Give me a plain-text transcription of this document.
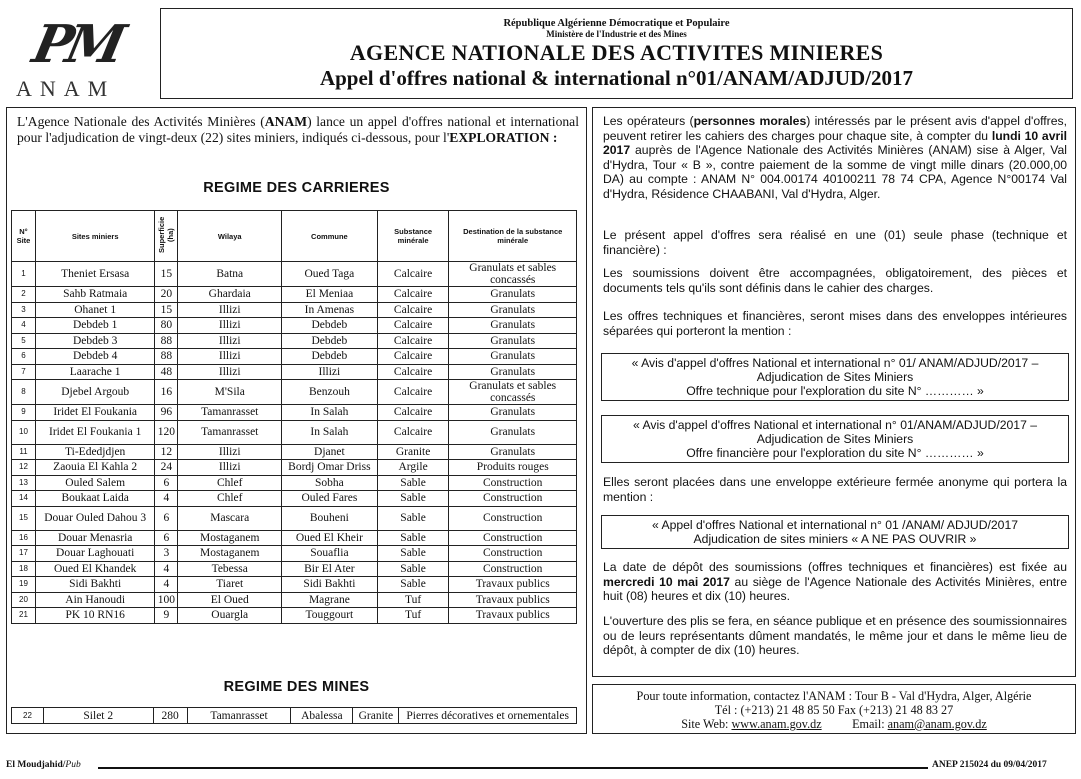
PM
ANAM
République Algérienne Démocratique et Populaire
Ministère de l'Industrie et des Mines
AGENCE NATIONALE DES ACTIVITES MINIERES
Appel d'offres national & international n°01/ANAM/ADJUD/2017
L'Agence Nationale des Activités Minières (ANAM) lance un appel d'offres national et international pour l'adjudication de vingt-deux (22) sites miniers, indiqués ci-dessous, pour l'EXPLORATION :
REGIME DES CARRIERES
N° Site	Sites miniers	Superficie (ha)	Wilaya	Commune	Substance minérale	Destination de la substance minérale
1	Theniet Ersasa	15	Batna	Oued Taga	Calcaire	Granulats et sables concassés
2	Sahb Ratmaia	20	Ghardaia	El Meniaa	Calcaire	Granulats
3	Ohanet 1	15	Illizi	In Amenas	Calcaire	Granulats
4	Debdeb 1	80	Illizi	Debdeb	Calcaire	Granulats
5	Debdeb 3	88	Illizi	Debdeb	Calcaire	Granulats
6	Debdeb 4	88	Illizi	Debdeb	Calcaire	Granulats
7	Laarache 1	48	Illizi	Illizi	Calcaire	Granulats
8	Djebel Argoub	16	M'Sila	Benzouh	Calcaire	Granulats et sables concassés
9	Iridet El Foukania	96	Tamanrasset	In Salah	Calcaire	Granulats
10	Iridet El Foukania 1	120	Tamanrasset	In Salah	Calcaire	Granulats
11	Ti-Ededjdjen	12	Illizi	Djanet	Granite	Granulats
12	Zaouia El Kahla 2	24	Illizi	Bordj Omar Driss	Argile	Produits rouges
13	Ouled Salem	6	Chlef	Sobha	Sable	Construction
14	Boukaat Laida	4	Chlef	Ouled Fares	Sable	Construction
15	Douar Ouled Dahou 3	6	Mascara	Bouheni	Sable	Construction
16	Douar Menasria	6	Mostaganem	Oued El Kheir	Sable	Construction
17	Douar Laghouati	3	Mostaganem	Souaflia	Sable	Construction
18	Oued El Khandek	4	Tebessa	Bir El Ater	Sable	Construction
19	Sidi Bakhti	4	Tiaret	Sidi Bakhti	Sable	Travaux publics
20	Ain Hanoudi	100	El Oued	Magrane	Tuf	Travaux publics
21	PK 10 RN16	9	Ouargla	Touggourt	Tuf	Travaux publics
REGIME DES MINES
22	Silet 2	280	Tamanrasset	Abalessa	Granite	Pierres décoratives et ornementales
Les opérateurs (personnes morales) intéressés par le présent avis d'appel d'offres, peuvent retirer les cahiers des charges pour chaque site, à compter du lundi 10 avril 2017 auprès de l'Agence Nationale des Activités Minières (ANAM) sise à Alger, Val d'Hydra, Tour « B », contre paiement de la somme de vingt mille dinars (20.000,00 DA) au compte : ANAM N° 004.00174 40100211 78 74 CPA, Agence N°00174 Val d'Hydra, Résidence CHAABANI, Val d'Hydra, Alger.
Le présent appel d'offres sera réalisé en une (01) seule phase (technique et financière) :
Les soumissions doivent être accompagnées, obligatoirement, des pièces et documents tels qu'ils sont définis dans le cahier des charges.
Les offres techniques et financières, seront mises dans des enveloppes intérieures séparées qui porteront la mention :
« Avis d'appel d'offres National et international n° 01/ ANAM/ADJUD/2017 –
Adjudication de Sites Miniers
Offre technique pour l'exploration du site N° ………… »
« Avis d'appel d'offres National et international n° 01/ANAM/ADJUD/2017 –
Adjudication de Sites Miniers
Offre financière pour l'exploration du site N° ………… »
Elles seront placées dans une enveloppe extérieure fermée anonyme qui portera la mention :
« Appel d'offres National et international n° 01 /ANAM/ ADJUD/2017
Adjudication de sites miniers « A NE PAS OUVRIR »
La date de dépôt des soumissions (offres techniques et financières) est fixée au mercredi 10 mai 2017 au siège de l'Agence Nationale des Activités Minières, entre huit (08) heures et dix (10) heures.
L'ouverture des plis se fera, en séance publique et en présence des soumissionnaires ou de leurs représentants dûment mandatés, le même jour et dans le même lieu de dépôt, à compter de dix (10) heures.
Pour toute information, contactez l'ANAM : Tour B - Val d'Hydra, Alger, Algérie
Tél : (+213) 21 48 85 50 Fax (+213) 21 48 83 27
Site Web: www.anam.gov.dz Email: anam@anam.gov.dz
El Moudjahid/Pub	ANEP 215024 du 09/04/2017
